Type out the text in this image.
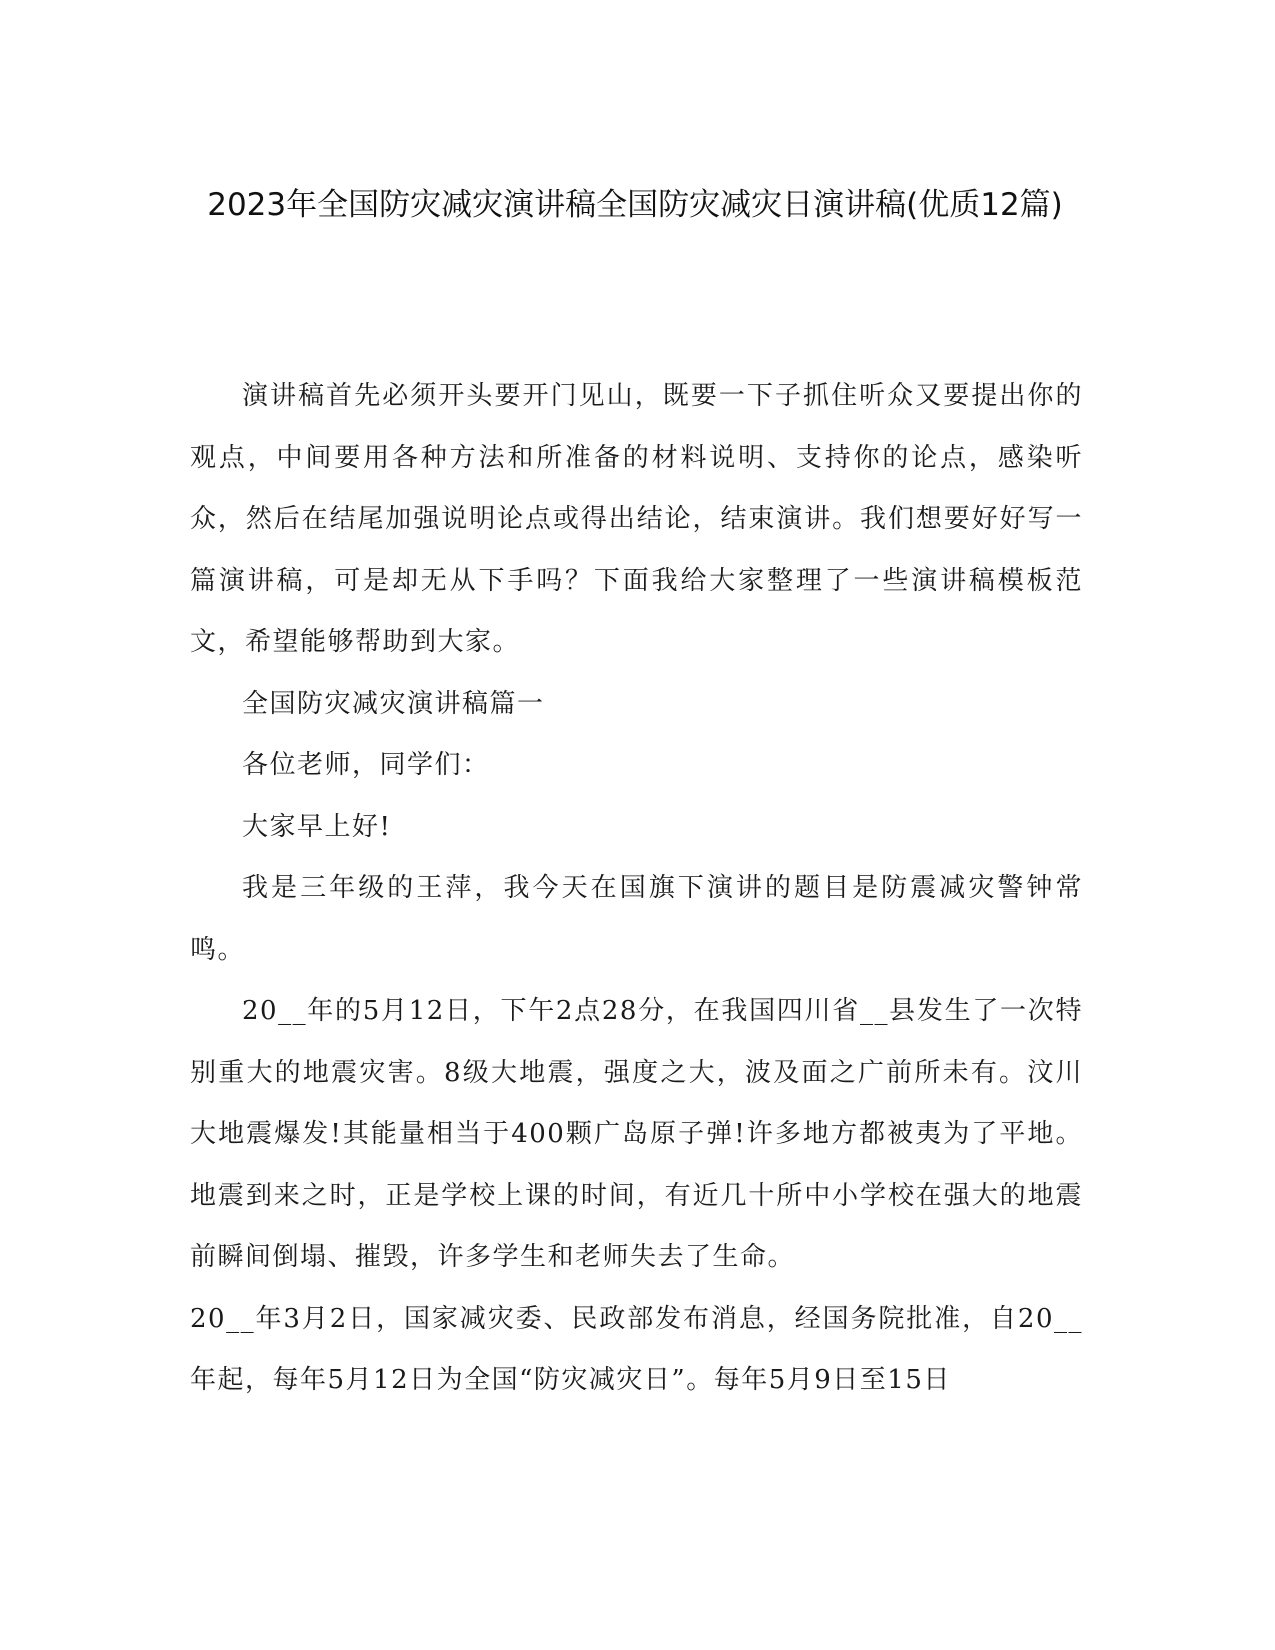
2023年全国防灾减灾演讲稿全国防灾减灾日演讲稿(优质12篇)

演讲稿首先必须开头要开门见山，既要一下子抓住听众又要提出你的观点，中间要用各种方法和所准备的材料说明、支持你的论点，感染听众，然后在结尾加强说明论点或得出结论，结束演讲。我们想要好好写一篇演讲稿，可是却无从下手吗？下面我给大家整理了一些演讲稿模板范文，希望能够帮助到大家。

全国防灾减灾演讲稿篇一

各位老师，同学们：

大家早上好!

我是三年级的王萍，我今天在国旗下演讲的题目是防震减灾警钟常鸣。

20__年的5月12日，下午2点28分，在我国四川省__县发生了一次特别重大的地震灾害。8级大地震，强度之大，波及面之广前所未有。汶川大地震爆发!其能量相当于400颗广岛原子弹!许多地方都被夷为了平地。地震到来之时，正是学校上课的时间，有近几十所中小学校在强大的地震前瞬间倒塌、摧毁，许多学生和老师失去了生命。

20__年3月2日，国家减灾委、民政部发布消息，经国务院批准，自20__年起，每年5月12日为全国“防灾减灾日”。每年5月9日至15日
